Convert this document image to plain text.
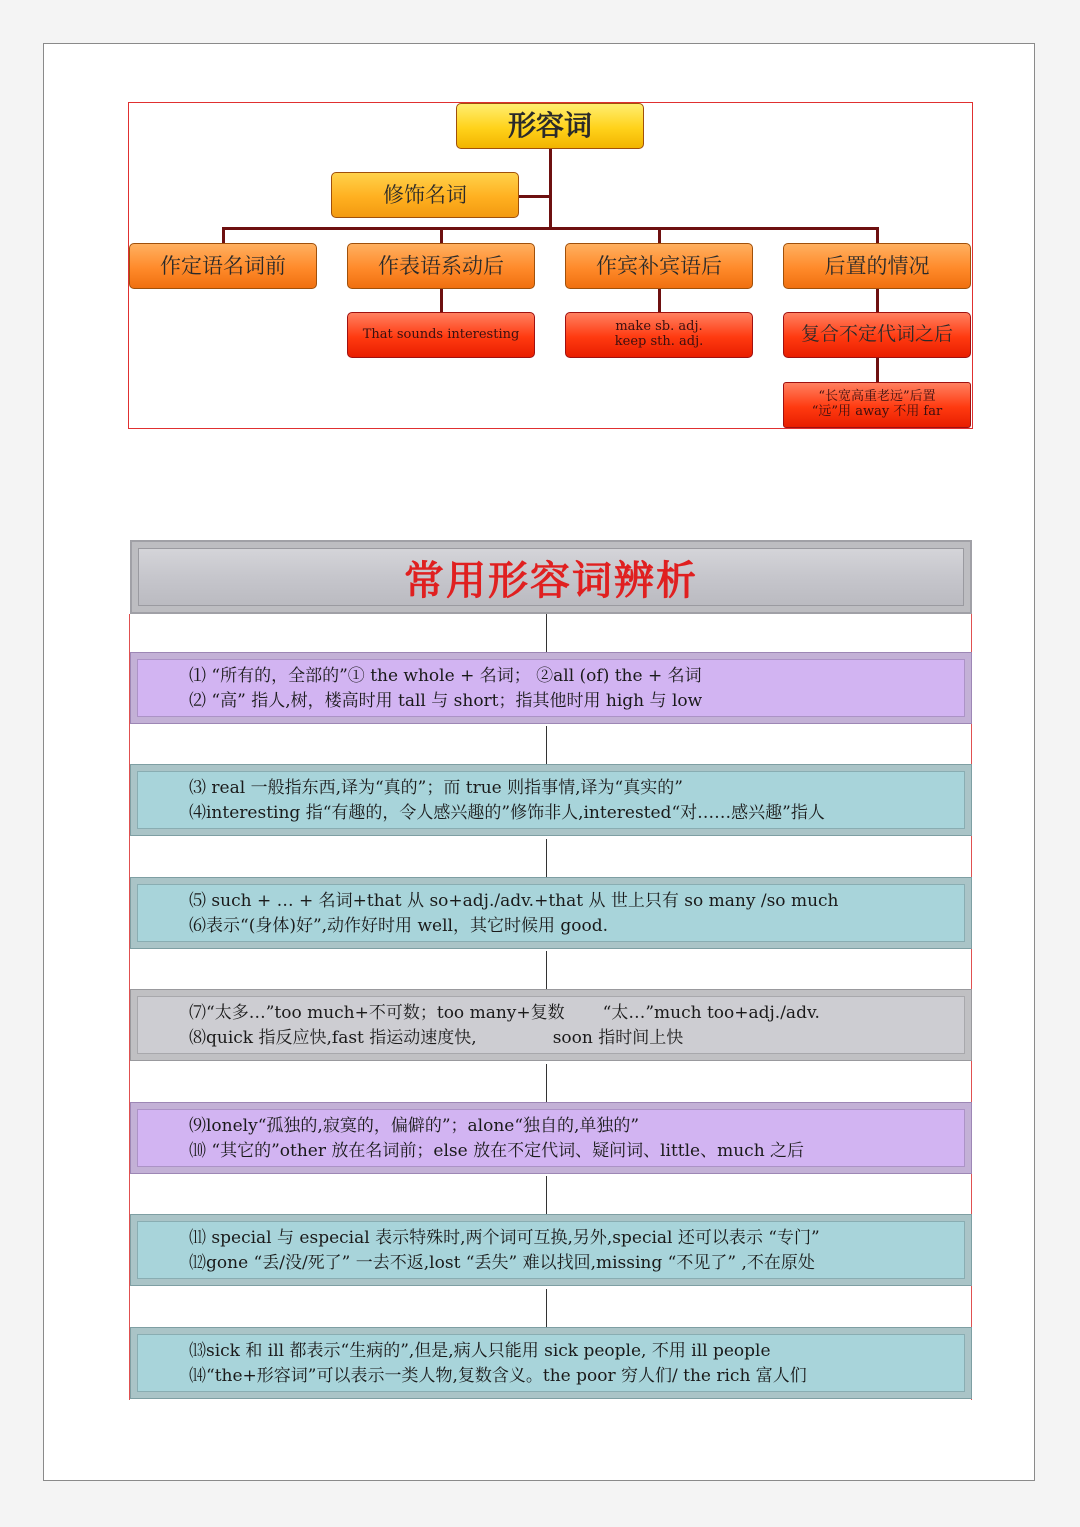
形容词
修饰名词
作定语名词前	作表语系动后	作宾补宾语后	后置的情况
That sounds interesting	make sb. adj.
keep sth. adj.	复合不定代词之后
“长宽高重老远”后置
“远”用 away 不用 far
常用形容词辨析
⑴ “所有的，全部的”① the whole + 名词； ②all (of) the + 名词
⑵ “高” 指人,树，楼高时用 tall 与 short；指其他时用 high 与 low
⑶ real 一般指东西,译为“真的”；而 true 则指事情,译为“真实的”
⑷interesting 指“有趣的，令人感兴趣的”修饰非人,interested“对……感兴趣”指人
⑸ such + … + 名词+that 从 so+adj./adv.+that 从 世上只有 so many /so much
⑹表示“(身体)好”,动作好时用 well，其它时候用 good.
⑺“太多…”too much+不可数；too many+复数 “太…”much too+adj./adv.
⑻quick 指反应快,fast 指运动速度快,	soon 指时间上快
⑼lonely“孤独的,寂寞的，偏僻的”；alone“独自的,单独的”
⑽ “其它的”other 放在名词前；else 放在不定代词、疑问词、little、much 之后
⑾ special 与 especial 表示特殊时,两个词可互换,另外,special 还可以表示 “专门”
⑿gone “丢/没/死了” 一去不返,lost “丢失” 难以找回,missing “不见了” ,不在原处
⒀sick 和 ill 都表示“生病的”,但是,病人只能用 sick people, 不用 ill people
⒁“the+形容词”可以表示一类人物,复数含义。the poor 穷人们/ the rich 富人们
